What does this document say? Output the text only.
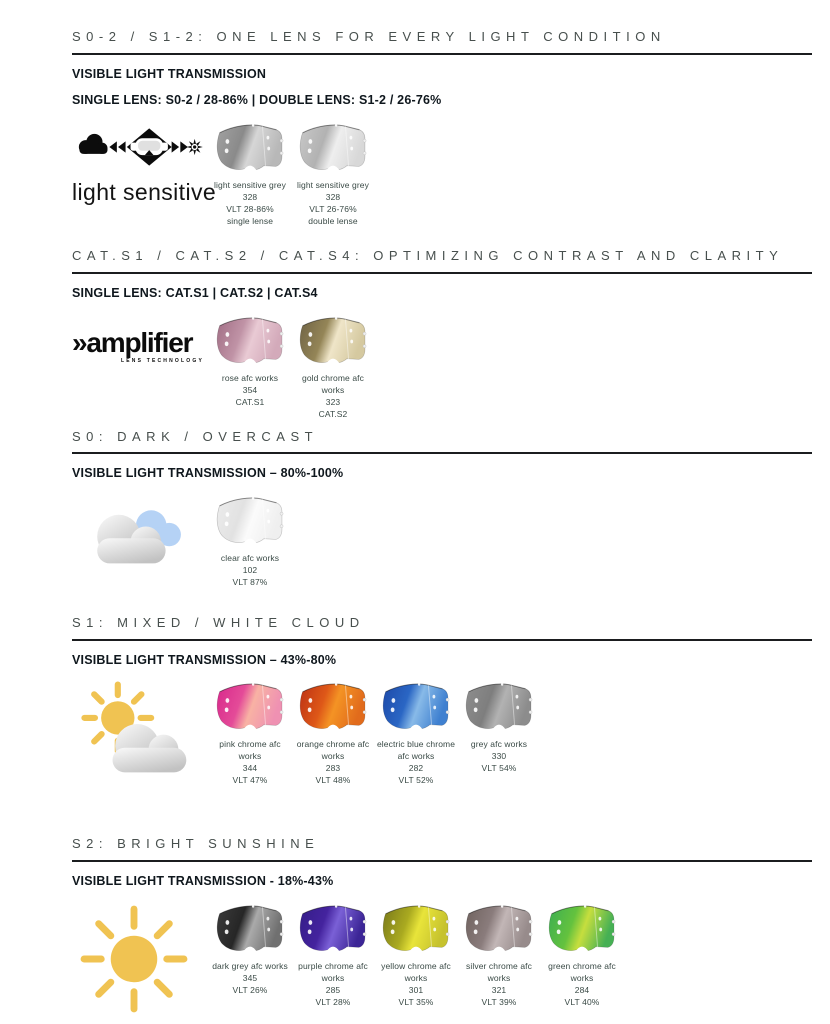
S0-2 / S1-2: ONE LENS FOR EVERY LIGHT CONDITION
VISIBLE LIGHT TRANSMISSION
SINGLE LENS: S0-2 / 28-86% | DOUBLE LENS: S1-2 / 26-76%
light sensitive
light sensitive grey
328
VLT 28-86%
single lense
light sensitive grey
328
VLT 26-76%
double lense
CAT.S1 / CAT.S2 / CAT.S4: OPTIMIZING CONTRAST AND CLARITY
SINGLE LENS: CAT.S1 | CAT.S2 | CAT.S4
»amplifier
LENS TECHNOLOGY
rose afc works
354
CAT.S1
gold chrome afc
works
323
CAT.S2
S0: DARK / OVERCAST
VISIBLE LIGHT TRANSMISSION – 80%-100%
clear afc works
102
VLT 87%
S1: MIXED / WHITE CLOUD
VISIBLE LIGHT TRANSMISSION – 43%-80%
pink chrome afc
works
344
VLT 47%
orange chrome afc
works
283
VLT 48%
electric blue chrome
afc works
282
VLT 52%
grey afc works
330
VLT 54%
S2: BRIGHT SUNSHINE
VISIBLE LIGHT TRANSMISSION - 18%-43%
dark grey afc works
345
VLT 26%
purple chrome afc
works
285
VLT 28%
yellow chrome afc
works
301
VLT 35%
silver chrome afc
works
321
VLT 39%
green chrome afc
works
284
VLT 40%
